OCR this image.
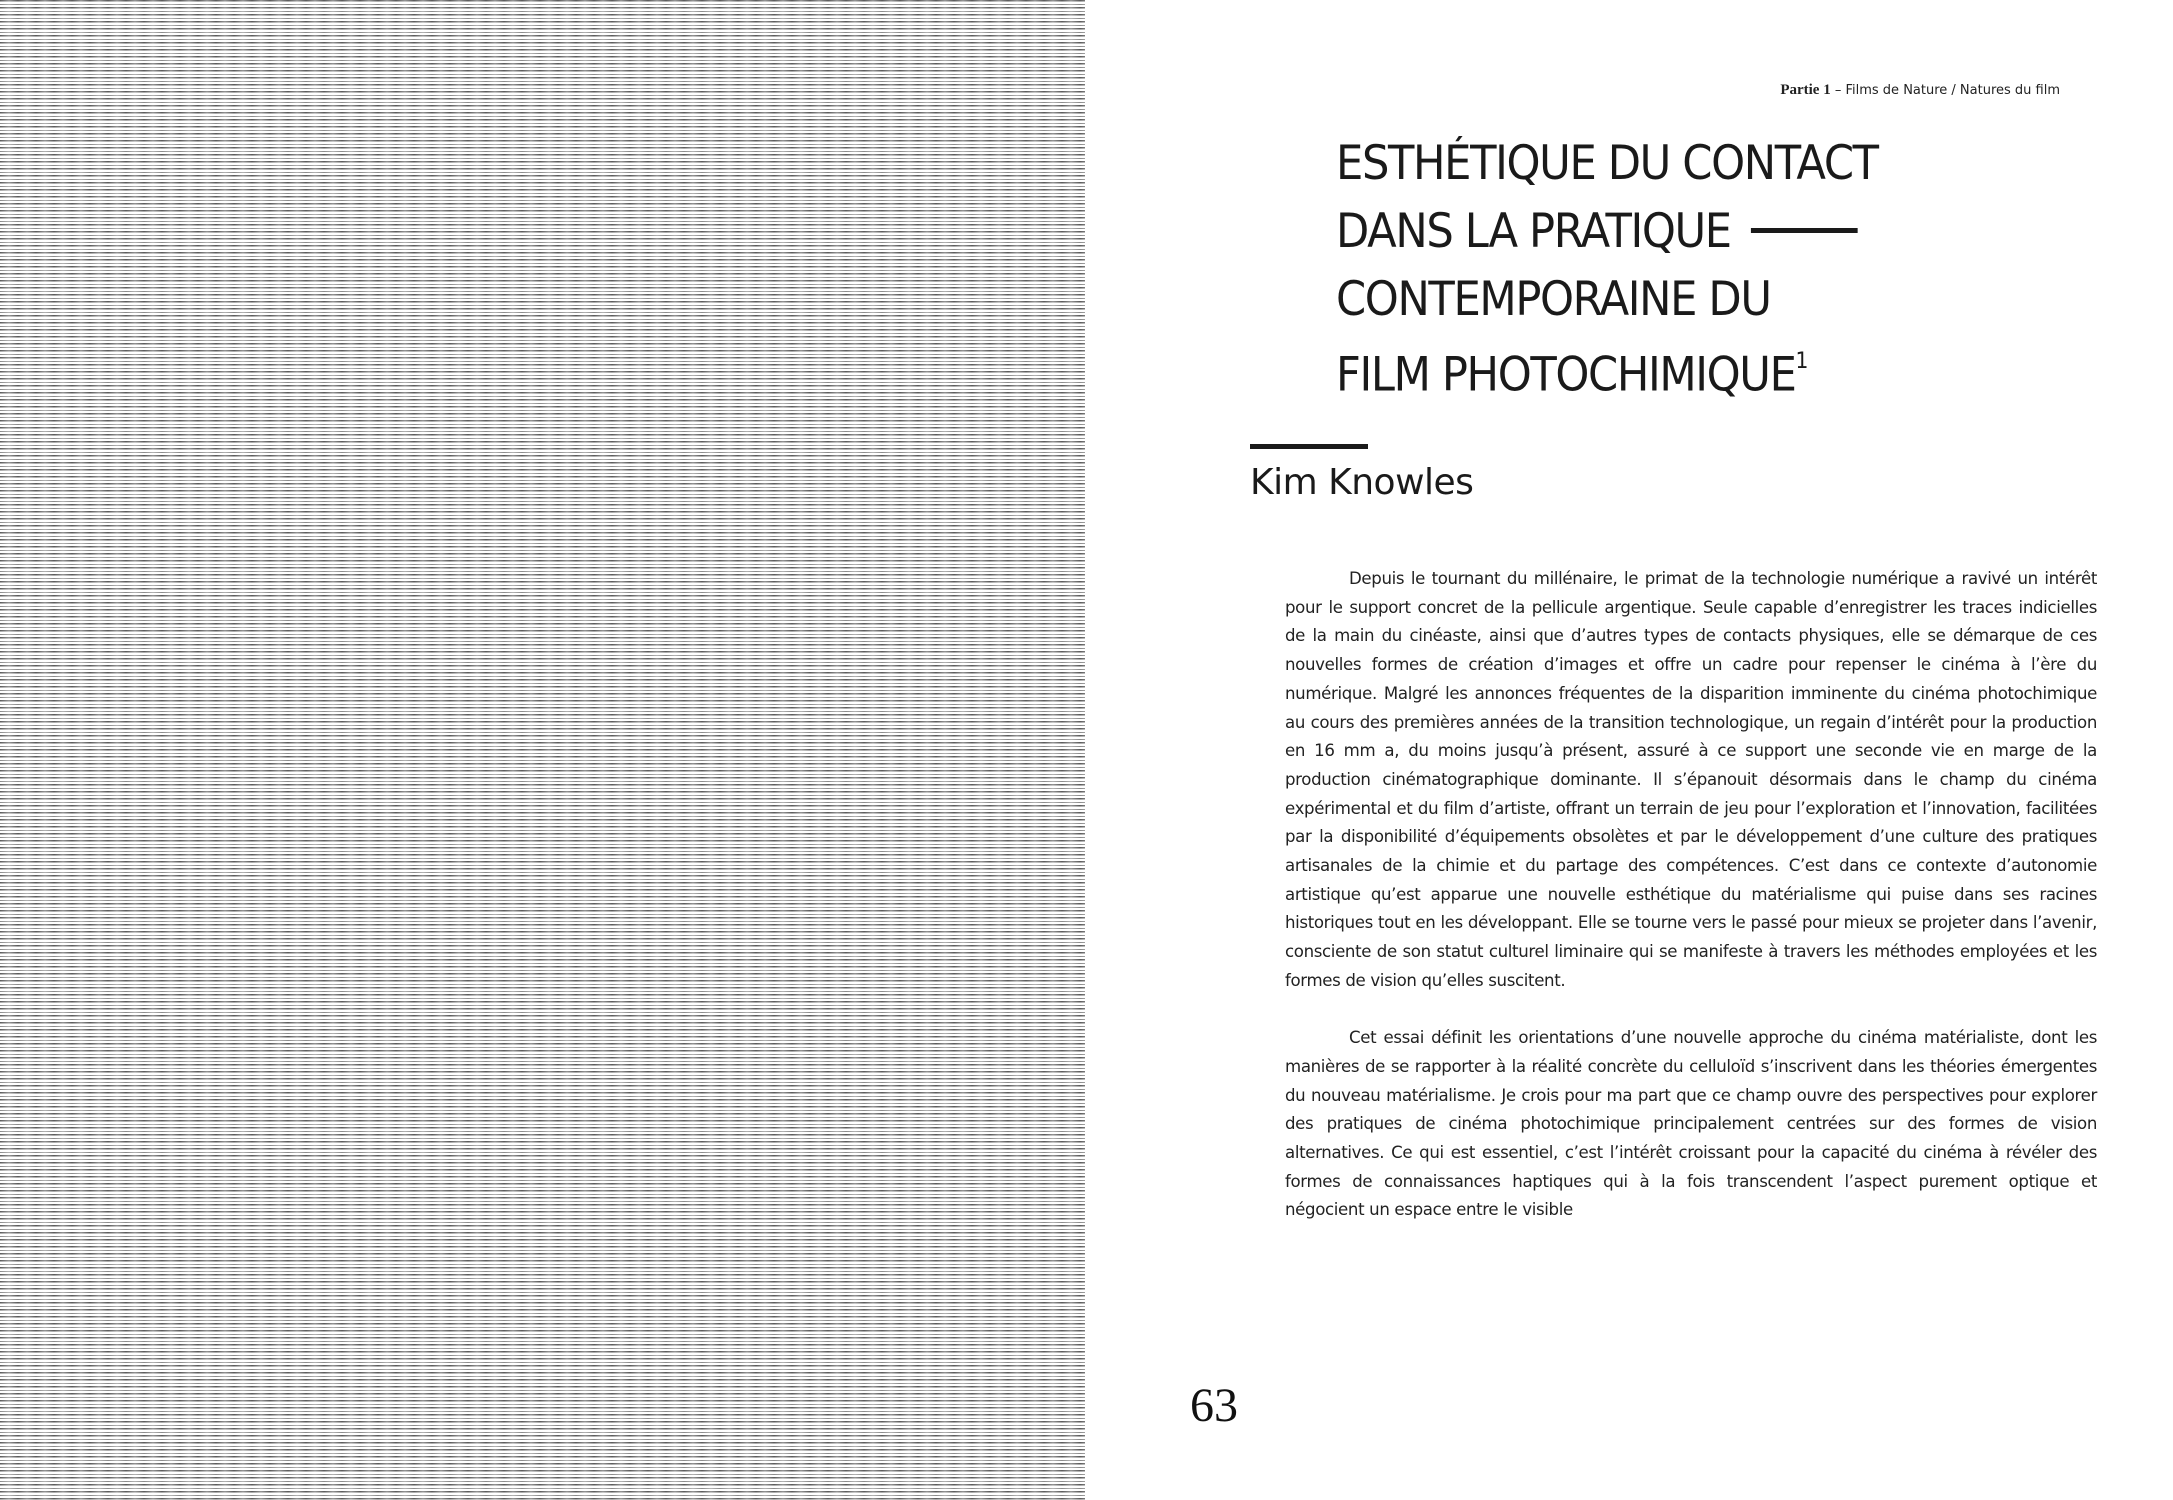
Partie 1 – Films de Nature / Natures du film
ESTHÉTIQUE DU CONTACT
DANS LA PRATIQUE
CONTEMPORAINE DU
FILM PHOTOCHIMIQUE$^1$
Kim Knowles

Depuis le tournant du millénaire, le primat de la technologie numérique a ravivé un intérêt pour le support concret de la pellicule argentique. Seule capable d’enregistrer les traces indicielles de la main du cinéaste, ainsi que d’autres types de contacts physiques, elle se démarque de ces nouvelles formes de création d’images et offre un cadre pour repenser le cinéma à l’ère du numérique. Malgré les annonces fréquentes de la disparition imminente du cinéma photochimique au cours des premières années de la transition technologique, un regain d’intérêt pour la production en 16 mm a, du moins jusqu’à présent, assuré à ce support une seconde vie en marge de la production cinématographique dominante. Il s’épanouit désormais dans le champ du cinéma expérimental et du film d’artiste, offrant un terrain de jeu pour l’exploration et l’innovation, facilitées par la disponibilité d’équipements obsolètes et par le développement d’une culture des pratiques artisanales de la chimie et du partage des compétences. C’est dans ce contexte d’autonomie artistique qu’est apparue une nouvelle esthétique du matérialisme qui puise dans ses racines historiques tout en les développant. Elle se tourne vers le passé pour mieux se projeter dans l’avenir, consciente de son statut culturel liminaire qui se manifeste à travers les méthodes employées et les formes de vision qu’elles suscitent.

Cet essai définit les orientations d’une nouvelle approche du cinéma matérialiste, dont les manières de se rapporter à la réalité concrète du celluloïd s’inscrivent dans les théories émergentes du nouveau matérialisme. Je crois pour ma part que ce champ ouvre des perspectives pour explorer des pratiques de cinéma photochimique principalement centrées sur des formes de vision alternatives. Ce qui est essentiel, c’est l’intérêt croissant pour la capacité du cinéma à révéler des formes de connaissances haptiques qui à la fois transcendent l’aspect purement optique et négocient un espace entre le visible

63
